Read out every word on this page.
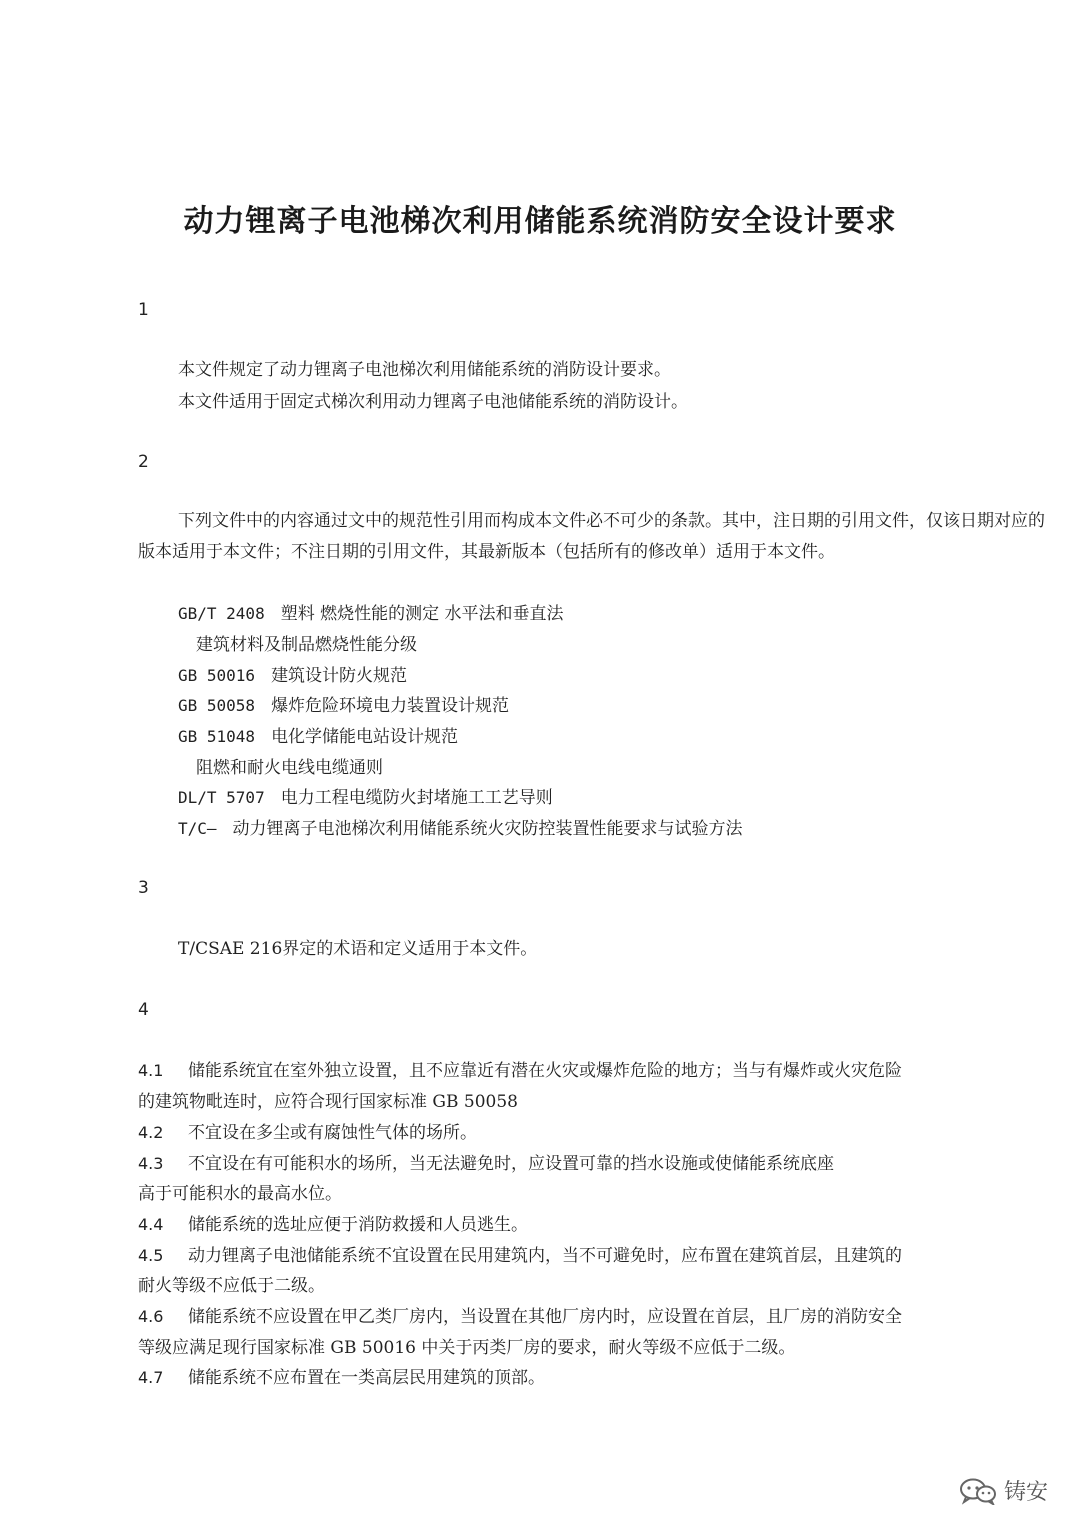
动力锂离子电池梯次利用储能系统消防安全设计要求
1
本文件规定了动力锂离子电池梯次利用储能系统的消防设计要求。
本文件适用于固定式梯次利用动力锂离子电池储能系统的消防设计。
2
下列文件中的内容通过文中的规范性引用而构成本文件必不可少的条款。其中，注日期的引用文件，仅该日期对应的版本适用于本文件；不注日期的引用文件，其最新版本（包括所有的修改单）适用于本文件。
GB/T 2408 塑料 燃烧性能的测定 水平法和垂直法
建筑材料及制品燃烧性能分级
GB 50016 建筑设计防火规范
GB 50058 爆炸危险环境电力装置设计规范
GB 51048 电化学储能电站设计规范
阻燃和耐火电线电缆通则
DL/T 5707 电力工程电缆防火封堵施工工艺导则
T/C— 动力锂离子电池梯次利用储能系统火灾防控装置性能要求与试验方法
3
T/CSAE 216界定的术语和定义适用于本文件。
4
4.1 储能系统宜在室外独立设置，且不应靠近有潜在火灾或爆炸危险的地方；当与有爆炸或火灾危险
的建筑物毗连时，应符合现行国家标准 GB 50058
4.2 不宜设在多尘或有腐蚀性气体的场所。
4.3 不宜设在有可能积水的场所，当无法避免时，应设置可靠的挡水设施或使储能系统底座
高于可能积水的最高水位。
4.4 储能系统的选址应便于消防救援和人员逃生。
4.5 动力锂离子电池储能系统不宜设置在民用建筑内，当不可避免时，应布置在建筑首层，且建筑的
耐火等级不应低于二级。
4.6 储能系统不应设置在甲乙类厂房内，当设置在其他厂房内时，应设置在首层，且厂房的消防安全
等级应满足现行国家标准 GB 50016 中关于丙类厂房的要求，耐火等级不应低于二级。
4.7 储能系统不应布置在一类高层民用建筑的顶部。
铸安
